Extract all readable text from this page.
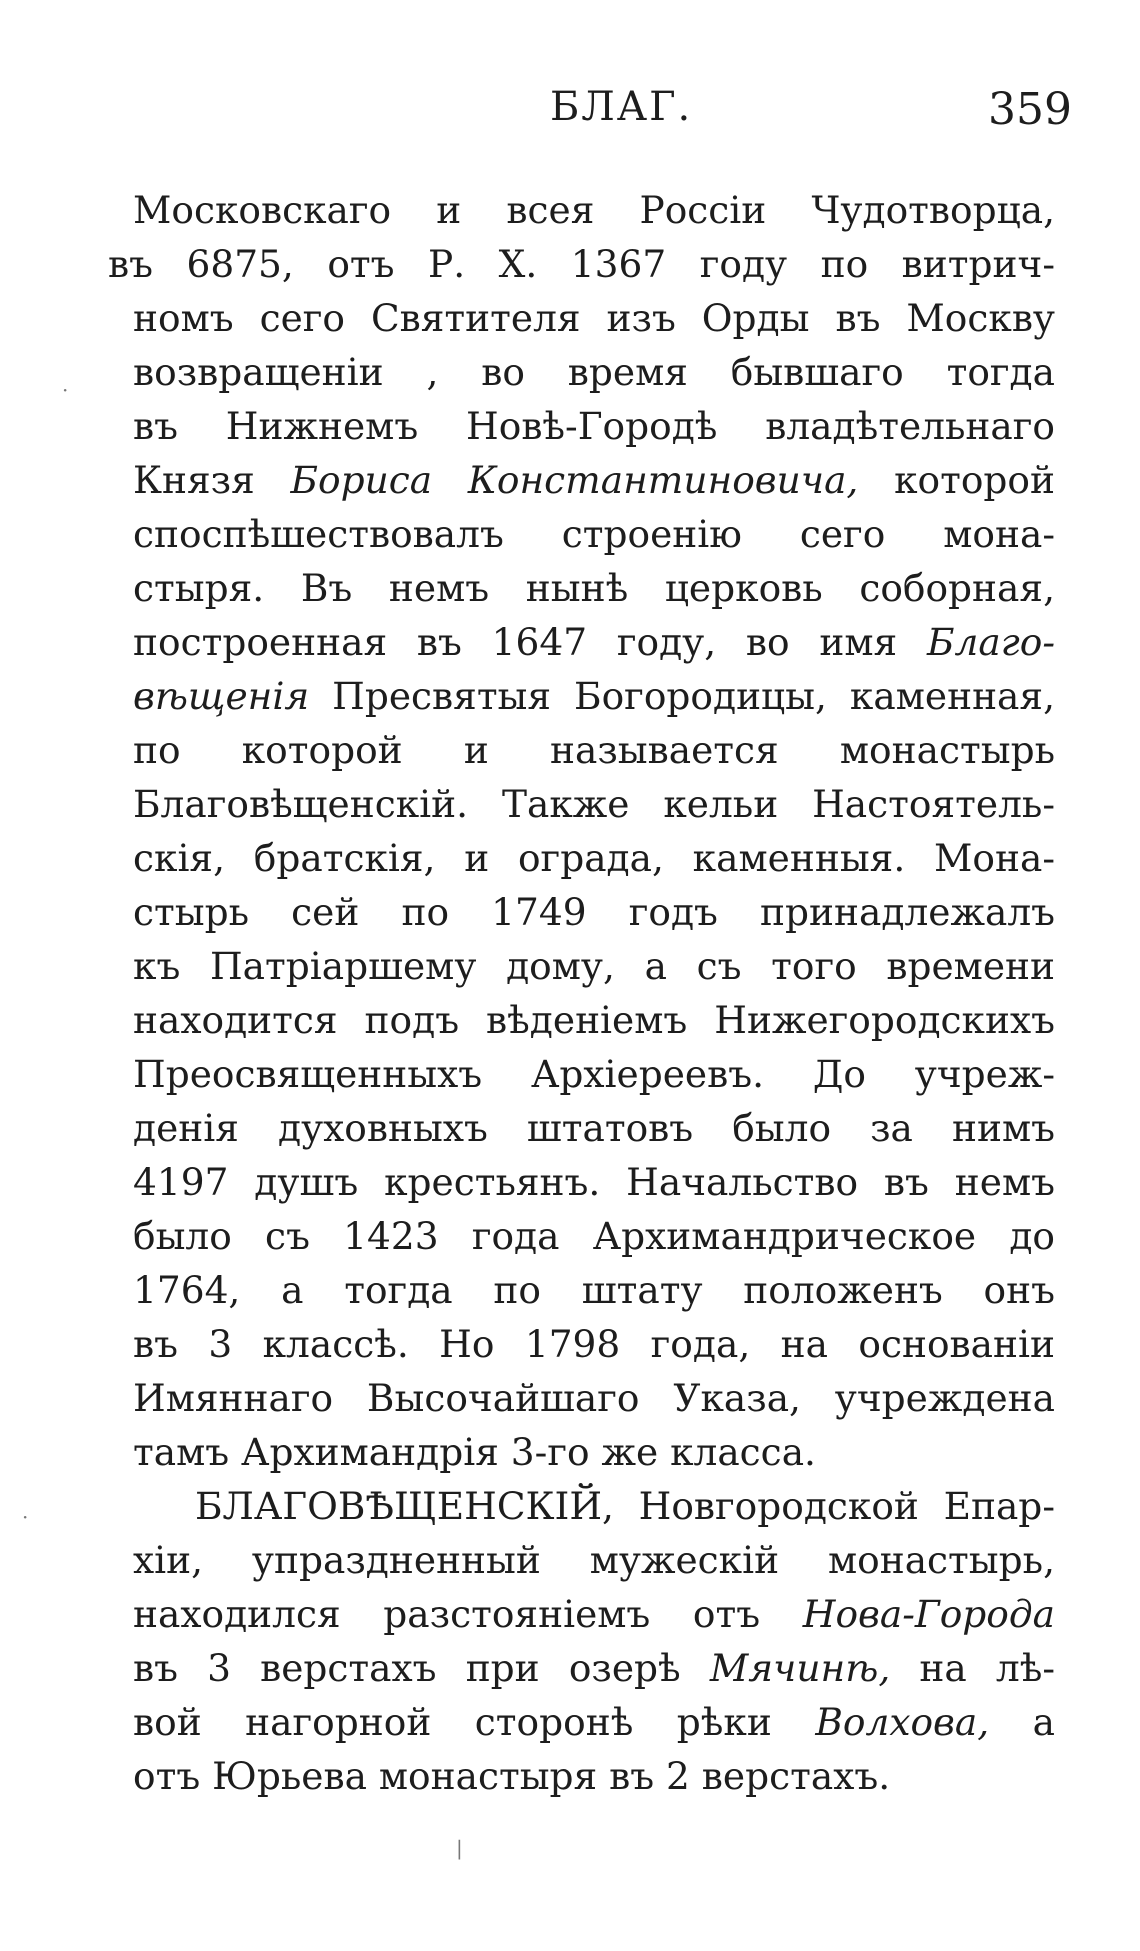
БЛАГ.	359
Московскаго и всея Россіи Чудотворца,
въ 6875, отъ Р. Х. 1367 году по витрич-
номъ сего Святителя изъ Орды въ Москву
возвращеніи , во время бывшаго тогда
въ Нижнемъ Новѣ-Городѣ владѣтельнаго
Князя Бориса Константиновича, которой
споспѣшествовалъ строенію сего мона-
стыря. Въ немъ нынѣ церковь соборная,
построенная въ 1647 году, во имя Благо-
вѣщенія Пресвятыя Богородицы, каменная,
по которой и называется монастырь
Благовѣщенскій. Также кельи Настоятель-
скія, братскія, и ограда, каменныя. Мона-
стырь сей по 1749 годъ принадлежалъ
къ Патріаршему дому, а съ того времени
находится подъ вѣденіемъ Нижегородскихъ
Преосвященныхъ Архіереевъ. До учреж-
денія духовныхъ штатовъ было за нимъ
4197 душъ крестьянъ. Начальство въ немъ
было съ 1423 года Архимандрическое до
1764, а тогда по штату положенъ онъ
въ 3 классѣ. Но 1798 года, на основаніи
Имяннаго Высочайшаго Указа, учреждена
тамъ Архимандрія 3-го же класса.
БЛАГОВѢЩЕНСКІЙ, Новгородской Епар-
хіи, упраздненный мужескій монастырь,
находился разстояніемъ отъ Нова-Города
въ 3 верстахъ при озерѣ Мячинѣ, на лѣ-
вой нагорной сторонѣ рѣки Волхова, а
отъ Юрьева монастыря въ 2 верстахъ.
·
·
|
